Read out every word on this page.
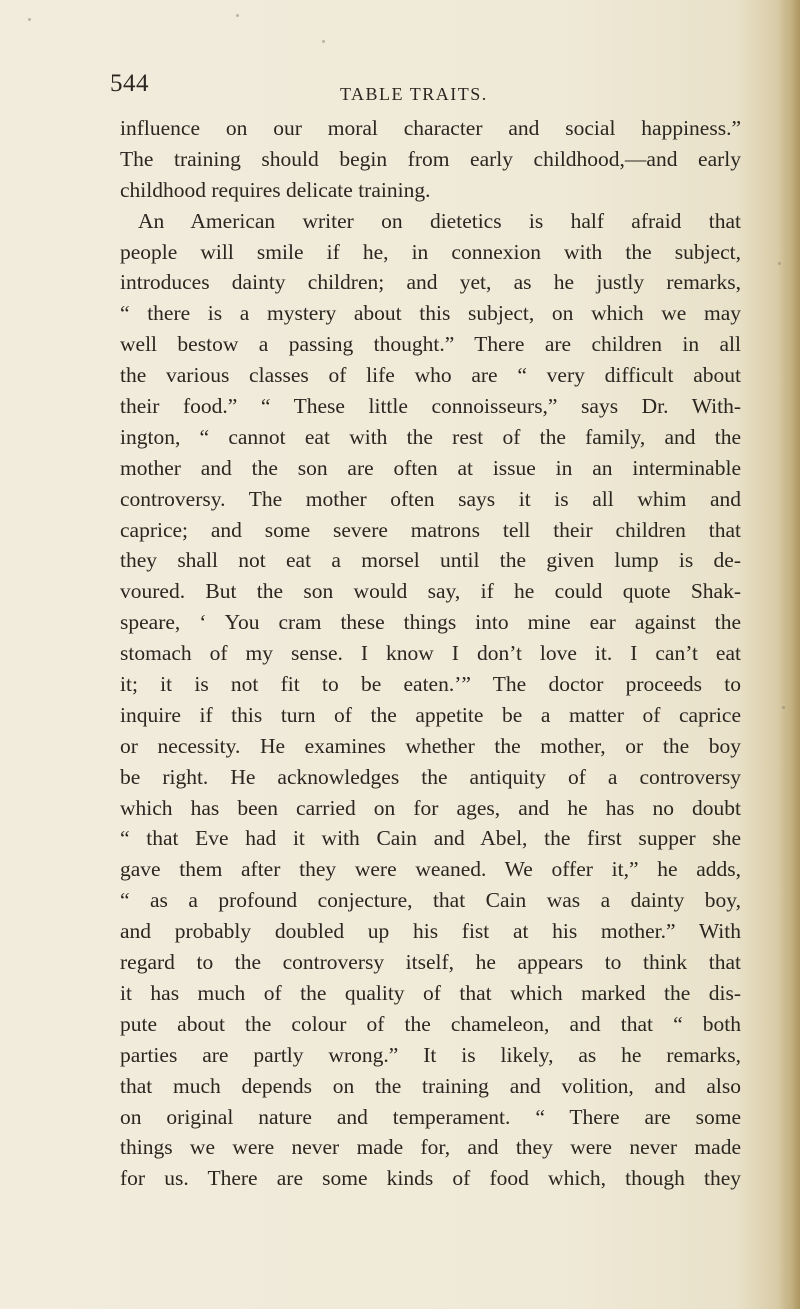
544	TABLE TRAITS.
influence on our moral character and social happiness.”
The training should begin from early childhood,—and early
childhood requires delicate training.
An American writer on dietetics is half afraid that
people will smile if he, in connexion with the subject,
introduces dainty children; and yet, as he justly remarks,
“ there is a mystery about this subject, on which we may
well bestow a passing thought.” There are children in all
the various classes of life who are “ very difficult about
their food.” “ These little connoisseurs,” says Dr. With-
ington, “ cannot eat with the rest of the family, and the
mother and the son are often at issue in an interminable
controversy. The mother often says it is all whim and
caprice; and some severe matrons tell their children that
they shall not eat a morsel until the given lump is de-
voured. But the son would say, if he could quote Shak-
speare, ‘ You cram these things into mine ear against the
stomach of my sense. I know I don’t love it. I can’t eat
it; it is not fit to be eaten.’” The doctor proceeds to
inquire if this turn of the appetite be a matter of caprice
or necessity. He examines whether the mother, or the boy
be right. He acknowledges the antiquity of a controversy
which has been carried on for ages, and he has no doubt
“ that Eve had it with Cain and Abel, the first supper she
gave them after they were weaned. We offer it,” he adds,
“ as a profound conjecture, that Cain was a dainty boy,
and probably doubled up his fist at his mother.” With
regard to the controversy itself, he appears to think that
it has much of the quality of that which marked the dis-
pute about the colour of the chameleon, and that “ both
parties are partly wrong.” It is likely, as he remarks,
that much depends on the training and volition, and also
on original nature and temperament. “ There are some
things we were never made for, and they were never made
for us. There are some kinds of food which, though they
